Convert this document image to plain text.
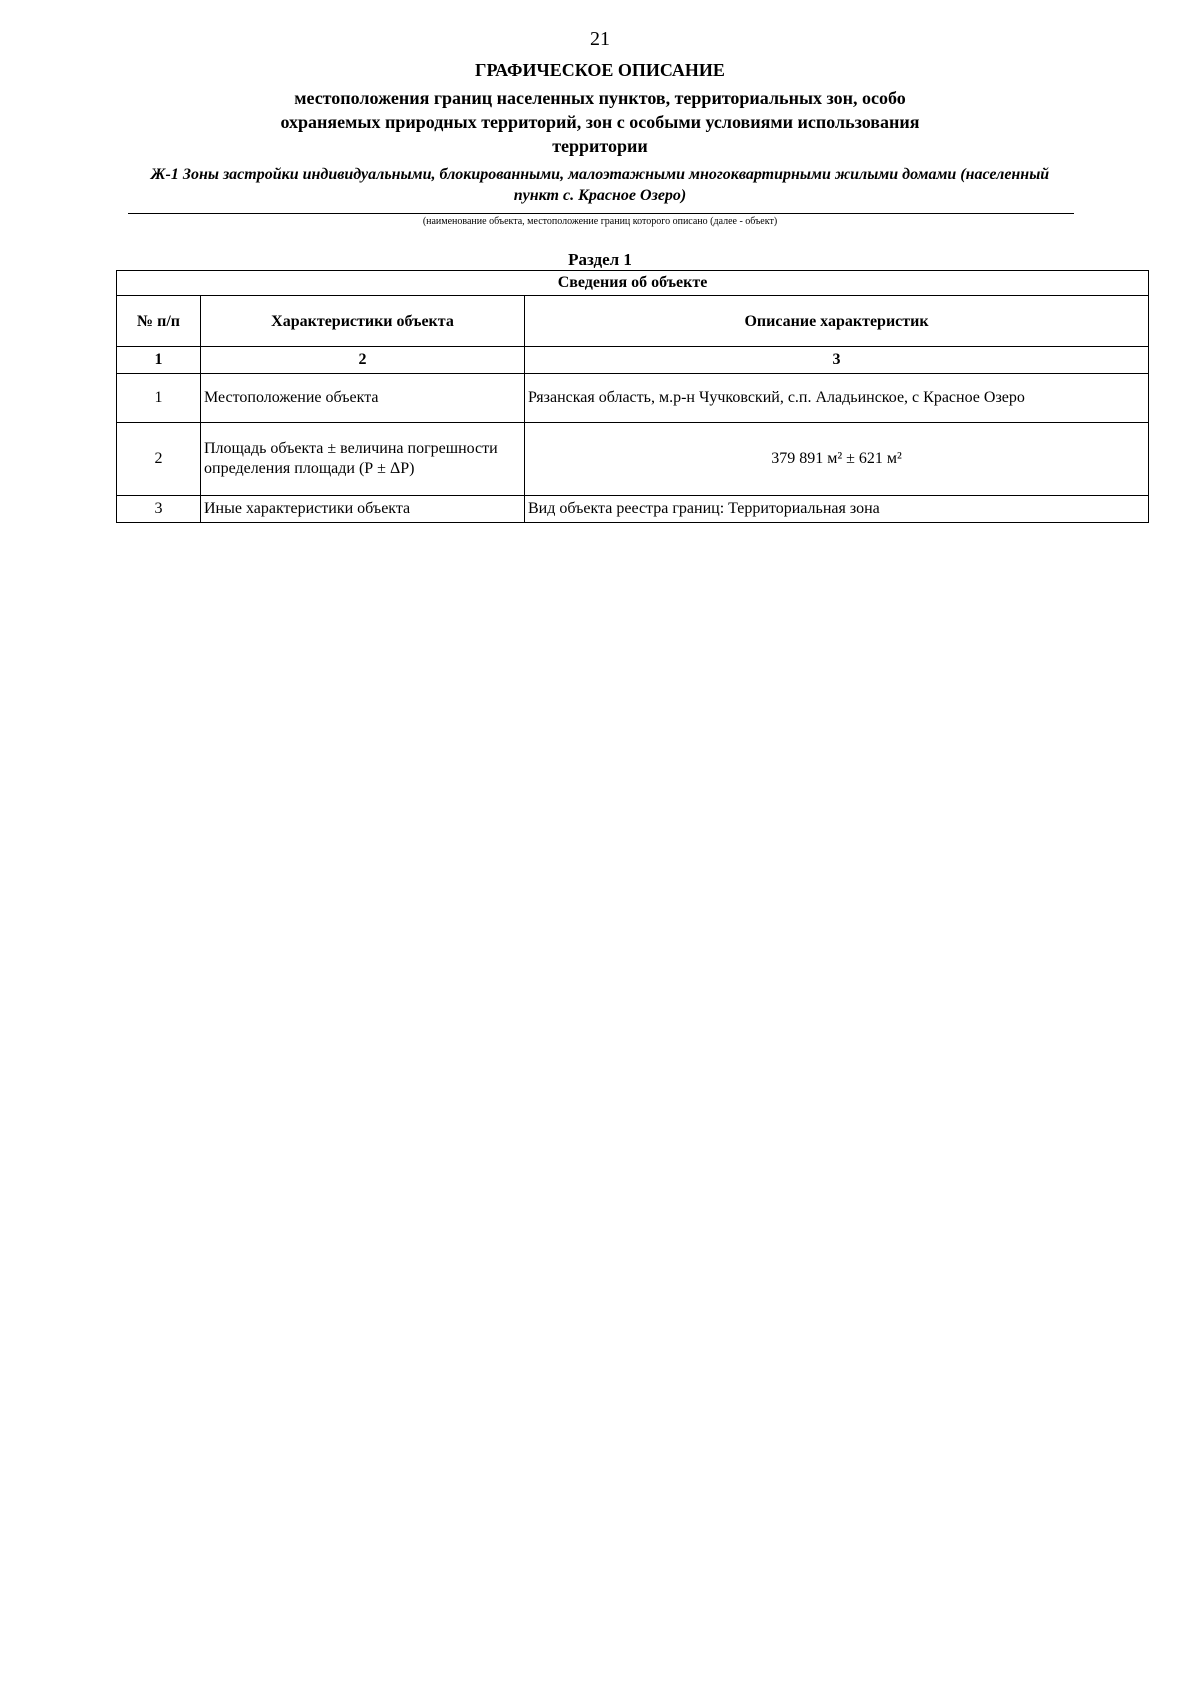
21
ГРАФИЧЕСКОЕ ОПИСАНИЕ
местоположения границ населенных пунктов, территориальных зон, особо охраняемых природных территорий, зон с особыми условиями использования территории
Ж-1 Зоны застройки индивидуальными, блокированными, малоэтажными многоквартирными жилыми домами (населенный пункт с. Красное Озеро)
(наименование объекта, местоположение границ которого описано (далее - объект)
Раздел 1
Сведения об объекте		
№ п/п	Характеристики объекта	Описание характеристик
1	2	3
1	Местоположение объекта	Рязанская область, м.р-н Чучковский, с.п. Аладьинское, с Красное Озеро
2	Площадь объекта ± величина погрешности определения площади (Р ± ΔР)	379 891 м² ± 621 м²
3	Иные характеристики объекта	Вид объекта реестра границ: Территориальная зона
